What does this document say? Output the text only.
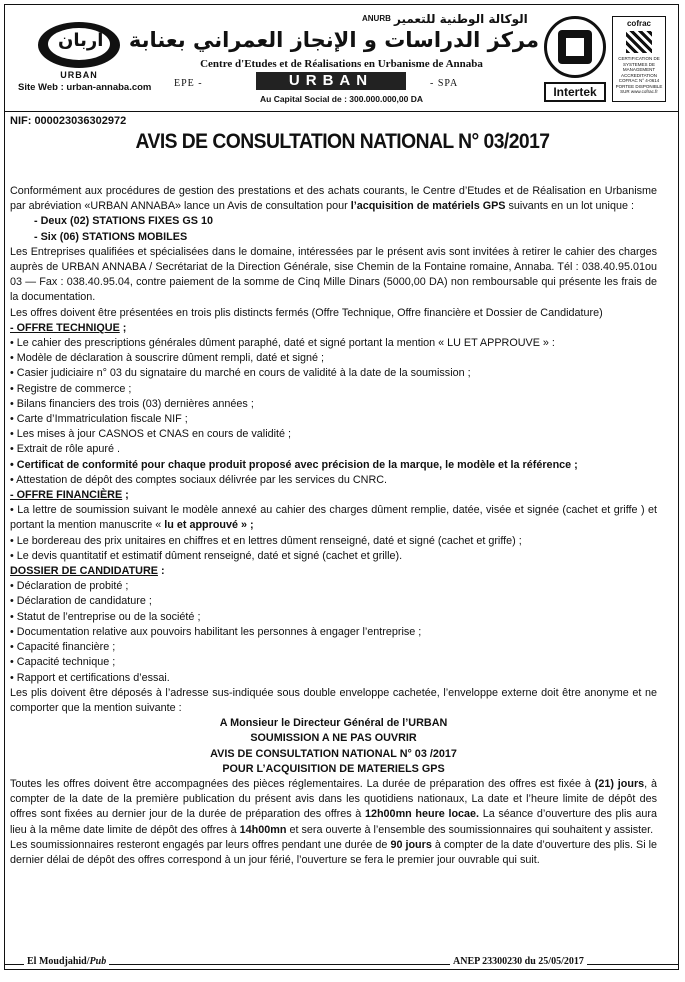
أربان
URBAN
Site Web : urban-annaba.com
ANURB الوكالة الوطنية للتعمير
مركز الدراسات و الإنجاز العمراني بعنابة
Centre d'Etudes et de Réalisations en Urbanisme de Annaba
EPE -	URBAN	- SPA
Au Capital Social de : 300.000.000,00 DA	Intertek
cofrac
CERTIFICATION DE SYSTEMES DE MANAGEMENT ACCREDITATION COFRAC N° 4-0614 PORTEE DISPONIBLE SUR www.cofrac.fr
NIF: 000023036302972
AVIS DE CONSULTATION NATIONAL N° 03/2017

Conformément aux procédures de gestion des prestations et des achats courants, le Centre d’Etudes et de Réalisation en Urbanisme par abréviation «URBAN ANNABA» lance un Avis de consultation pour l’acquisition de matériels GPS suivants en un lot unique :

- Deux (02) STATIONS FIXES GS 10

- Six (06) STATIONS MOBILES

Les Entreprises qualifiées et spécialisées dans le domaine, intéressées par le présent avis sont invitées à retirer le cahier des charges auprès de URBAN ANNABA / Secrétariat de la Direction Générale, sise Chemin de la Fontaine romaine, Annaba. Tél : 038.40.95.01ou 03 — Fax : 038.40.95.04, contre paiement de la somme de Cinq Mille Dinars (5000,00 DA) non remboursable qui présente les frais de la documentation.

Les offres doivent être présentées en trois plis distincts fermés (Offre Technique, Offre financière et Dossier de Candidature)

- OFFRE TECHNIQUE ;

• Le cahier des prescriptions générales dûment paraphé, daté et signé portant la mention « LU ET APPROUVE » :

• Modèle de déclaration à souscrire dûment rempli, daté et signé ;

• Casier judiciaire n° 03 du signataire du marché en cours de validité à la date de la soumission ;

• Registre de commerce ;

• Bilans financiers des trois (03) dernières années ;

• Carte d’Immatriculation fiscale NIF ;

• Les mises à jour CASNOS et CNAS en cours de validité ;

• Extrait de rôle apuré .

• Certificat de conformité pour chaque produit proposé avec précision de la marque, le modèle et la référence ;

• Attestation de dépôt des comptes sociaux délivrée par les services du CNRC.

- OFFRE FINANCIÈRE ;

• La lettre de soumission suivant le modèle annexé au cahier des charges dûment remplie, datée, visée et signée (cachet et griffe ) et portant la mention manuscrite « lu et approuvé » ;

• Le bordereau des prix unitaires en chiffres et en lettres dûment renseigné, daté et signé (cachet et griffe) ;

• Le devis quantitatif et estimatif dûment renseigné, daté et signé (cachet et grille).

DOSSIER DE CANDIDATURE :

• Déclaration de probité ;

• Déclaration de candidature ;

• Statut de l’entreprise ou de la société ;

• Documentation relative aux pouvoirs habilitant les personnes à engager l’entreprise ;

• Capacité financière ;

• Capacité technique ;

• Rapport et certifications d’essai.

Les plis doivent être déposés à l’adresse sus-indiquée sous double enveloppe cachetée, l’enveloppe externe doit être anonyme et ne comporter que la mention suivante :

A Monsieur le Directeur Général de l’URBAN

SOUMISSION A NE PAS OUVRIR

AVIS DE CONSULTATION NATIONAL N° 03 /2017

POUR L’ACQUISITION DE MATERIELS GPS

Toutes les offres doivent être accompagnées des pièces réglementaires. La durée de préparation des offres est fixée à (21) jours, à compter de la date de la première publication du présent avis dans les quotidiens nationaux, La date et l’heure limite de dépôt des offres sont fixées au dernier jour de la durée de préparation des offres à 12h00mn heure locae. La séance d’ouverture des plis aura lieu à la même date limite de dépôt des offres à 14h00mn et sera ouverte à l’ensemble des soumissionnaires qui souhaitent y assister.

Les soumissionnaires resteront engagés par leurs offres pendant une durée de 90 jours à compter de la date d’ouverture des plis. Si le dernier délai de dépôt des offres correspond à un jour férié, l’ouverture se fera le premier jour ouvrable qui suit.

El Moudjahid/Pub	ANEP 23300230 du 25/05/2017
